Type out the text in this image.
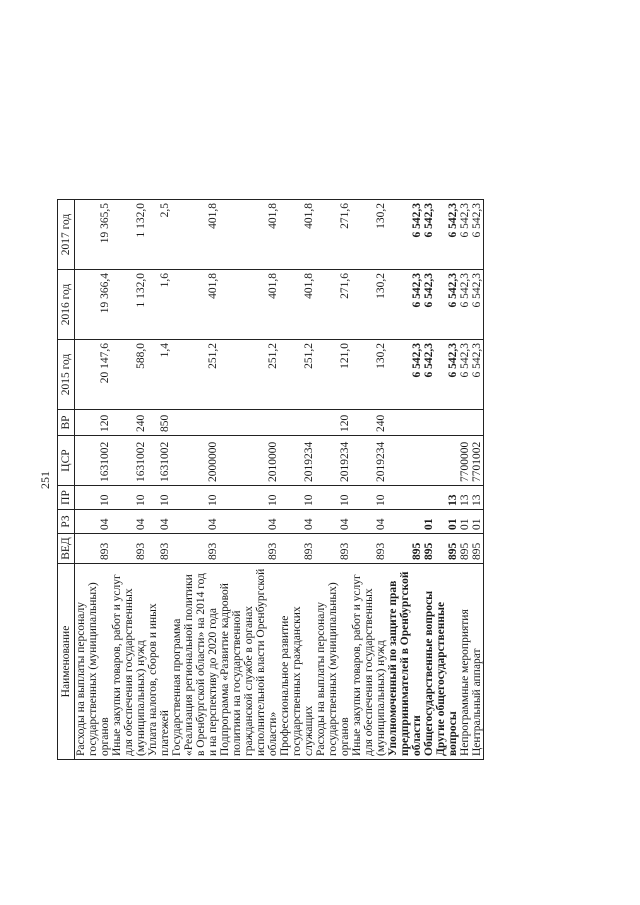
251
Наименование	ВЕД	РЗ	ПР	ЦСР	ВР	2015 год	2016 год	2017 год
Расходы на выплаты персоналу государственных (муниципальных) органов	893	04	10	1631002	120	20 147,6	19 366,4	19 365,5
Иные закупки товаров, работ и услуг для обеспечения государственных (муниципальных) нужд	893	04	10	1631002	240	588,0	1 132,0	1 132,0
Уплата налогов, сборов и иных платежей	893	04	10	1631002	850	1,4	1,6	2,5
Государственная программа «Реализация региональной политики в Оренбургской области» на 2014 год и на перспективу до 2020 года	893	04	10	2000000		251,2	401,8	401,8
Подпрограмма «Развитие кадровой политики на государственной гражданской службе в органах исполнительной власти Оренбургской области»	893	04	10	2010000		251,2	401,8	401,8
Профессиональное развитие государственных гражданских служащих	893	04	10	2019234		251,2	401,8	401,8
Расходы на выплаты персоналу государственных (муниципальных) органов	893	04	10	2019234	120	121,0	271,6	271,6
Иные закупки товаров, работ и услуг для обеспечения государственных (муниципальных) нужд	893	04	10	2019234	240	130,2	130,2	130,2
Уполномоченный по защите прав предпринимателей в Оренбургской области	895					6 542,3	6 542,3	6 542,3
Общегосударственные вопросы	895	01				6 542,3	6 542,3	6 542,3
Другие общегосударственные вопросы	895	01	13			6 542,3	6 542,3	6 542,3
Непрограммные мероприятия	895	01	13	7700000		6 542,3	6 542,3	6 542,3
Центральный аппарат	895	01	13	7701002		6 542,3	6 542,3	6 542,3
